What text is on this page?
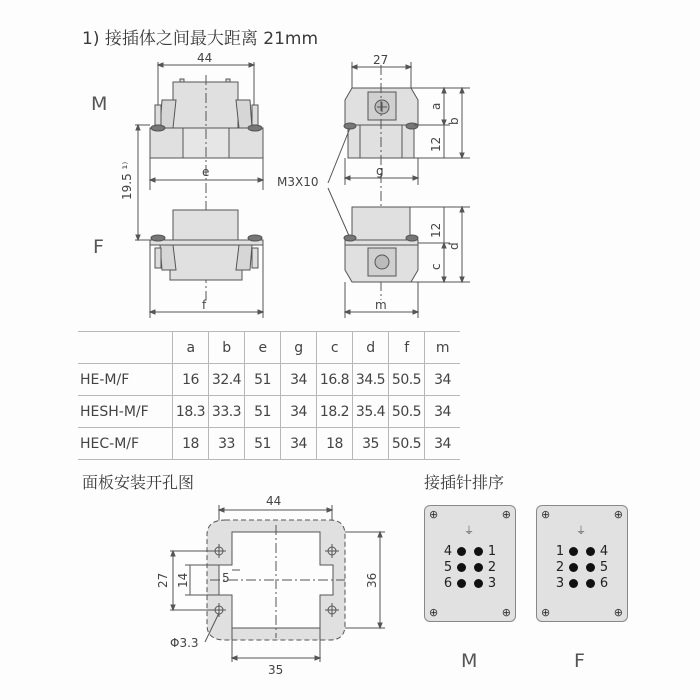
1) 接插体之间最大距离 21mm
M
F
44	27
e
f
g
m
M3X10
19.5 ¹⁾
a
b
12
12
c
d
	a	b	e	g	c	d	f	m
HE-M/F	16	32.4	51	34	16.8	34.5	50.5	34
HESH-M/F	18.3	33.3	51	34	18.2	35.4	50.5	34
HEC-M/F	18	33	51	34	18	35	50.5	34
面板安装开孔图
44
27 14	5	36
35
Φ3.3
接插针排序
⊕	⊕
⊕	⊕
⏚
4	1
5	2
6	3
⊕	⊕
⊕	⊕
⏚
1	4
2	5
3	6
M	F
